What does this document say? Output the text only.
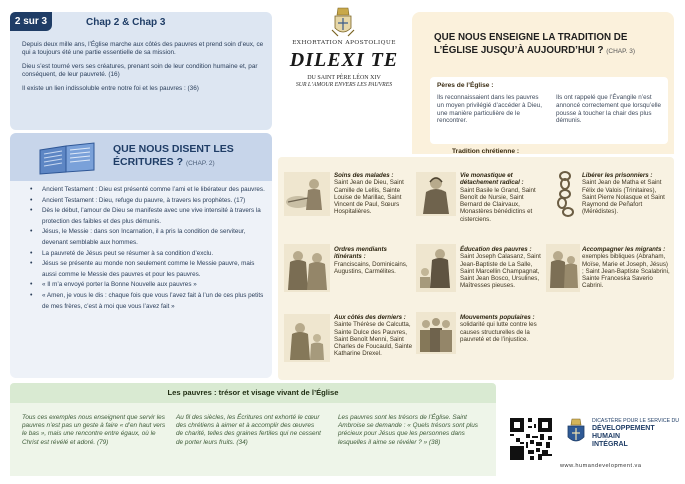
2 sur 3	Chap 2 & Chap 3

Depuis deux mille ans, l’Église marche aux côtés des pauvres et prend soin d’eux, ce qui a toujours été une partie essentielle de sa mission.

Dieu s’est tourné vers ses créatures, prenant soin de leur condition humaine et, par conséquent, de leur pauvreté. (16)

Il existe un lien indissoluble entre notre foi et les pauvres : (36)

QUE NOUS DISENT LES ÉCRITURES ? (CHAP. 2)
• Ancient Testament : Dieu est présenté comme l’ami et le libérateur des pauvres.
• Ancient Testament : Dieu, refuge du pauvre, à travers les prophètes. (17)
• Dès le début, l’amour de Dieu se manifeste avec une vive intensité à travers la protection des faibles et des plus démunis.
• Jésus, le Messie : dans son Incarnation, il a pris la condition de serviteur, devenant semblable aux hommes.
• La pauvreté de Jésus peut se résumer à sa condition d’exclu.
• Jésus se présente au monde non seulement comme le Messie pauvre, mais aussi comme le Messie des pauvres et pour les pauvres.
• « Il m’a envoyé porter la Bonne Nouvelle aux pauvres »
• « Amen, je vous le dis : chaque fois que vous l’avez fait à l’un de ces plus petits de mes frères, c’est à moi que vous l’avez fait »
EXHORTATION APOSTOLIQUE
DILEXI TE
DU SAINT PÈRE LÉON XIV
SUR L’AMOUR ENVERS LES PAUVRES
QUE NOUS ENSEIGNE LA TRADITION DE L’ÉGLISE JUSQU’À AUJOURD’HUI ? (CHAP. 3)
Pères de l’Église :
Ils reconnaissaient dans les pauvres un moyen privilégié d’accéder à Dieu, une manière particulière de le rencontrer.
Ils ont rappelé que l’Évangile n’est annoncé correctement que lorsqu’elle pousse à toucher la chair des plus démunis.
Tradition chrétienne :
Soins des malades :
Saint Jean de Dieu, Saint Camille de Lellis, Sainte Louise de Marillac, Saint Vincent de Paul, Sœurs Hospitalières.
Vie monastique et détachement radical :
Saint Basile le Grand, Saint Benoît de Nursie, Saint Bernard de Clairvaux, Monastères bénédictins et cisterciens.
Libérer les prisonniers :
Saint Jean de Matha et Saint Félix de Valois (Trinitaires), Saint Pierre Nolasque et Saint Raymond de Peñafort (Mérédistes).
Ordres mendiants itinérants :
Franciscains, Dominicains, Augustins, Carmélites.
Éducation des pauvres :
Saint Joseph Calasanz, Saint Jean-Baptiste de La Salle, Saint Marcellin Champagnat, Saint Jean Bosco, Ursulines, Maîtresses pieuses.
Accompagner les migrants :
exemples bibliques (Abraham, Moïse, Marie et Joseph, Jésus) ; Saint Jean-Baptiste Scalabrini, Sainte Franceska Saverio Cabrini.
Aux côtés des derniers :
Sainte Thérèse de Calcutta, Sainte Dulce des Pauvres, Saint Benoît Menni, Saint Charles de Foucauld, Sainte Katharine Drexel.
Mouvements populaires :
solidarité qui lutte contre les causes structurelles de la pauvreté et de l’injustice.
Les pauvres : trésor et visage vivant de l’Église
Tous ces exemples nous enseignent que servir les pauvres n’est pas un geste à faire « d’en haut vers le bas », mais une rencontre entre égaux, où le Christ est révélé et adoré. (79)
Au fil des siècles, les Écritures ont exhorté le cœur des chrétiens à aimer et à accomplir des œuvres de charité, telles des graines fertiles qui ne cessent de porter leurs fruits. (34)
Les pauvres sont les trésors de l’Église. Saint Ambroise se demande : « Quels trésors sont plus précieux pour Jésus que les personnes dans lesquelles il aime se révéler ? » (38)
DICASTÈRE POUR LE SERVICE DU
DÉVELOPPEMENT
HUMAIN
INTÉGRAL
www.humandevelopment.va
